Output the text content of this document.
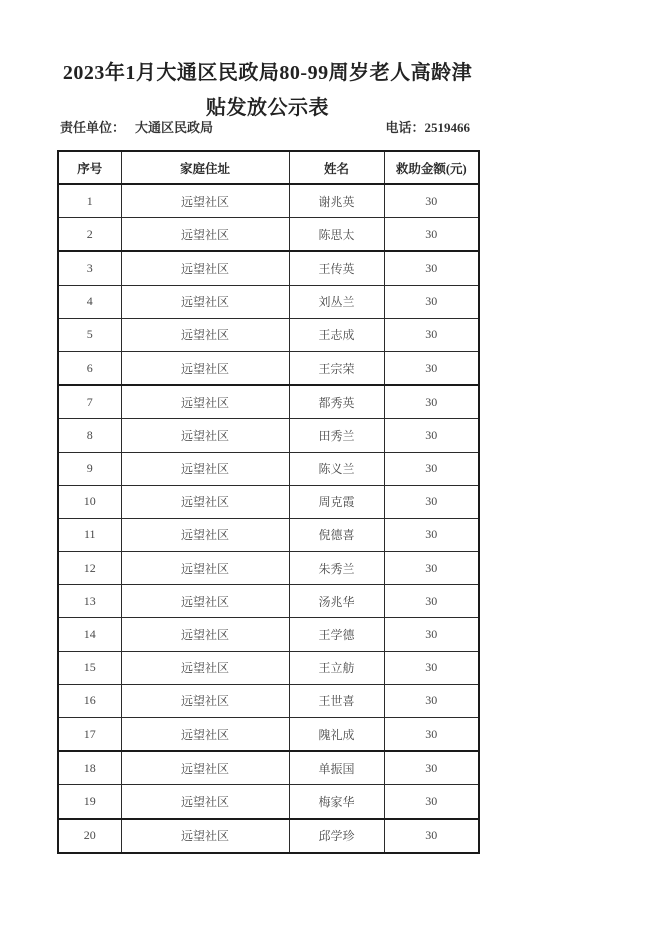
2023年1月大通区民政局80-99周岁老人高龄津
贴发放公示表
责任单位： 大通区民政局	电话：2519466
序号	家庭住址	姓名	救助金额(元)
1	远望社区	谢兆英	30
2	远望社区	陈思太	30
3	远望社区	王传英	30
4	远望社区	刘丛兰	30
5	远望社区	王志成	30
6	远望社区	王宗荣	30
7	远望社区	都秀英	30
8	远望社区	田秀兰	30
9	远望社区	陈义兰	30
10	远望社区	周克霞	30
11	远望社区	倪德喜	30
12	远望社区	朱秀兰	30
13	远望社区	汤兆华	30
14	远望社区	王学德	30
15	远望社区	王立舫	30
16	远望社区	王世喜	30
17	远望社区	隗礼成	30
18	远望社区	单振国	30
19	远望社区	梅家华	30
20	远望社区	邱学珍	30
